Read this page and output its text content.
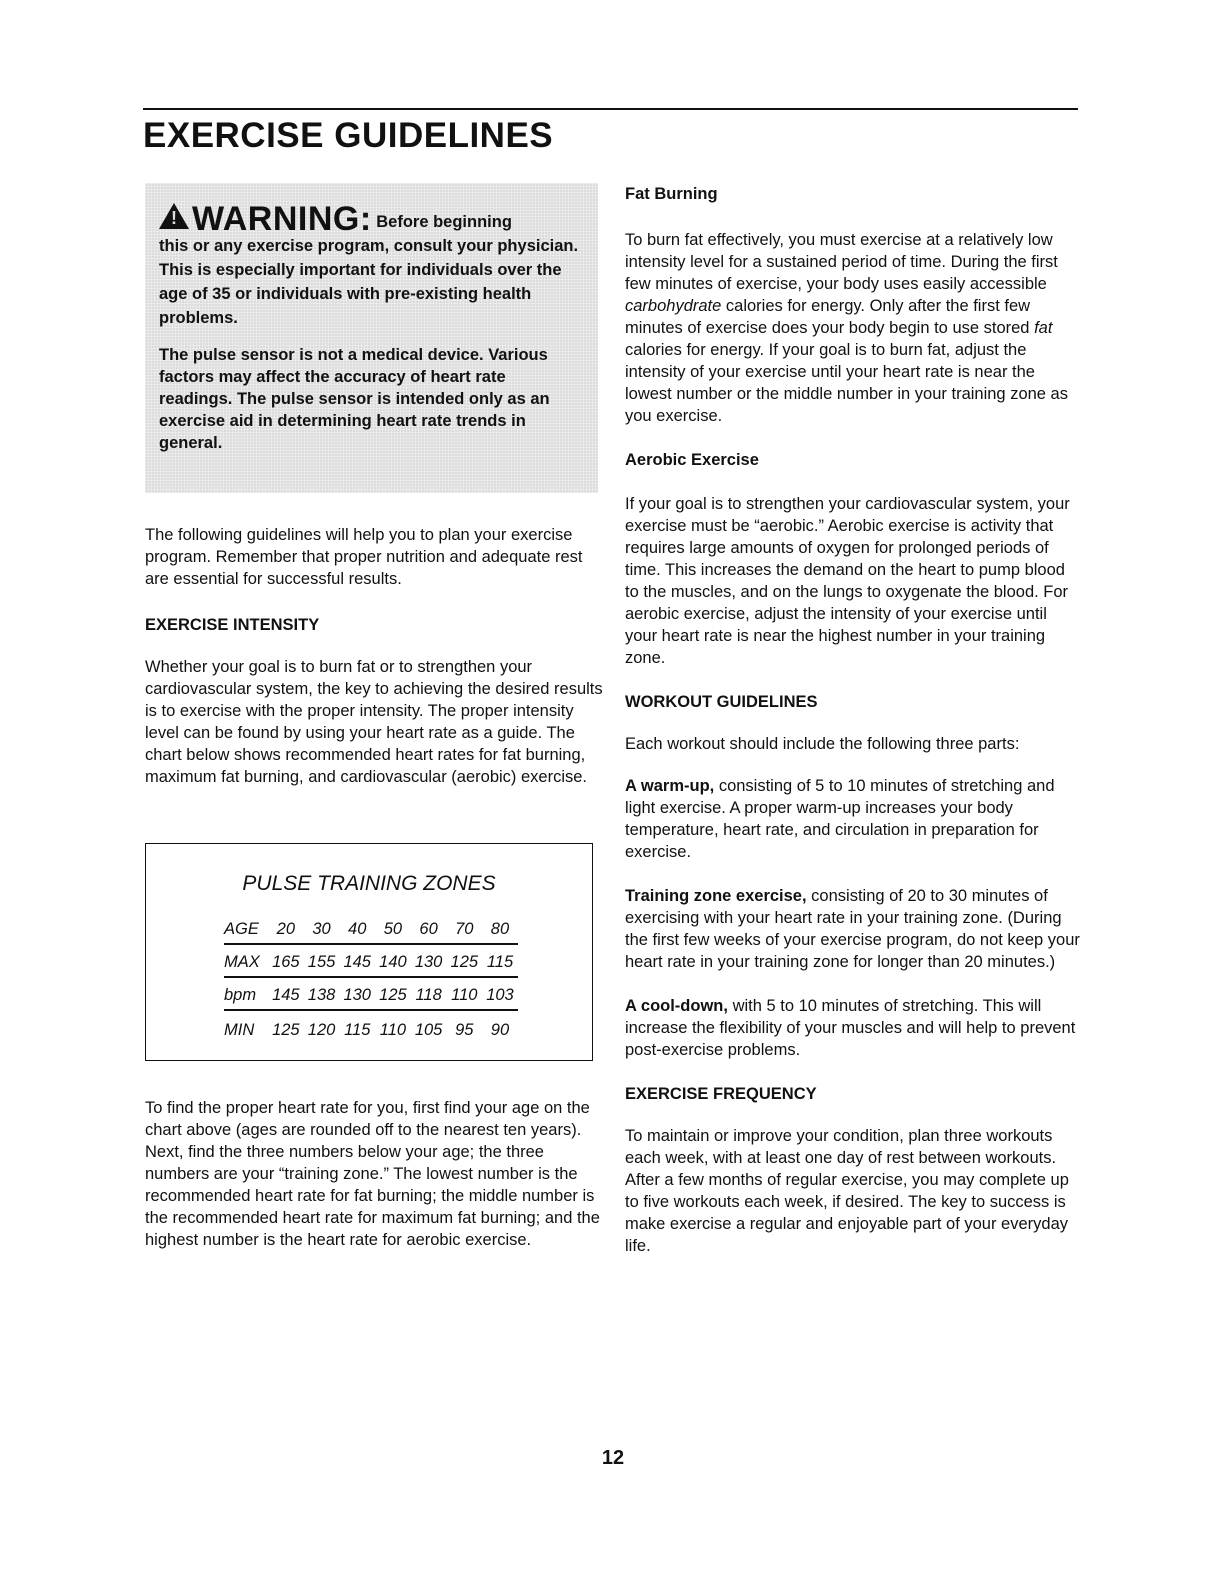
EXERCISE GUIDELINES
!WARNING: Before beginning

this or any exercise program, consult your physician. This is especially important for individuals over the age of 35 or individuals with pre-existing health problems.

The pulse sensor is not a medical device. Various factors may affect the accuracy of heart rate readings. The pulse sensor is intended only as an exercise aid in determining heart rate trends in general.

The following guidelines will help you to plan your exercise program. Remember that proper nutrition and adequate rest are essential for successful results.

EXERCISE INTENSITY

Whether your goal is to burn fat or to strengthen your cardiovascular system, the key to achieving the desired results is to exercise with the proper intensity. The proper intensity level can be found by using your heart rate as a guide. The chart below shows recommended heart rates for fat burning, maximum fat burning, and cardiovascular (aerobic) exercise.

PULSE TRAINING ZONES
AGE	20	30	40	50	60	70	80
MAX 165 155 145 140 130 125 115
bpm 145 138 130 125 118 110 103
MIN	125 120 115 110 105 95	90

To find the proper heart rate for you, first find your age on the chart above (ages are rounded off to the nearest ten years). Next, find the three numbers below your age; the three numbers are your “training zone.” The lowest number is the recommended heart rate for fat burning; the middle number is the recommended heart rate for maximum fat burning; and the highest number is the heart rate for aerobic exercise.

Fat Burning

To burn fat effectively, you must exercise at a relatively low intensity level for a sustained period of time. During the first few minutes of exercise, your body uses easily accessible carbohydrate calories for energy. Only after the first few minutes of exercise does your body begin to use stored fat calories for energy. If your goal is to burn fat, adjust the intensity of your exercise until your heart rate is near the lowest number or the middle number in your training zone as you exercise.

Aerobic Exercise

If your goal is to strengthen your cardiovascular system, your exercise must be “aerobic.” Aerobic exercise is activity that requires large amounts of oxygen for prolonged periods of time. This increases the demand on the heart to pump blood to the muscles, and on the lungs to oxygenate the blood. For aerobic exercise, adjust the intensity of your exercise until your heart rate is near the highest number in your training zone.

WORKOUT GUIDELINES

Each workout should include the following three parts:

A warm-up, consisting of 5 to 10 minutes of stretching and light exercise. A proper warm-up increases your body temperature, heart rate, and circulation in preparation for exercise.

Training zone exercise, consisting of 20 to 30 minutes of exercising with your heart rate in your training zone. (During the first few weeks of your exercise program, do not keep your heart rate in your training zone for longer than 20 minutes.)

A cool-down, with 5 to 10 minutes of stretching. This will increase the flexibility of your muscles and will help to prevent post-exercise problems.

EXERCISE FREQUENCY

To maintain or improve your condition, plan three workouts each week, with at least one day of rest between workouts. After a few months of regular exercise, you may complete up to five workouts each week, if desired. The key to success is make exercise a regular and enjoyable part of your everyday life.

12
